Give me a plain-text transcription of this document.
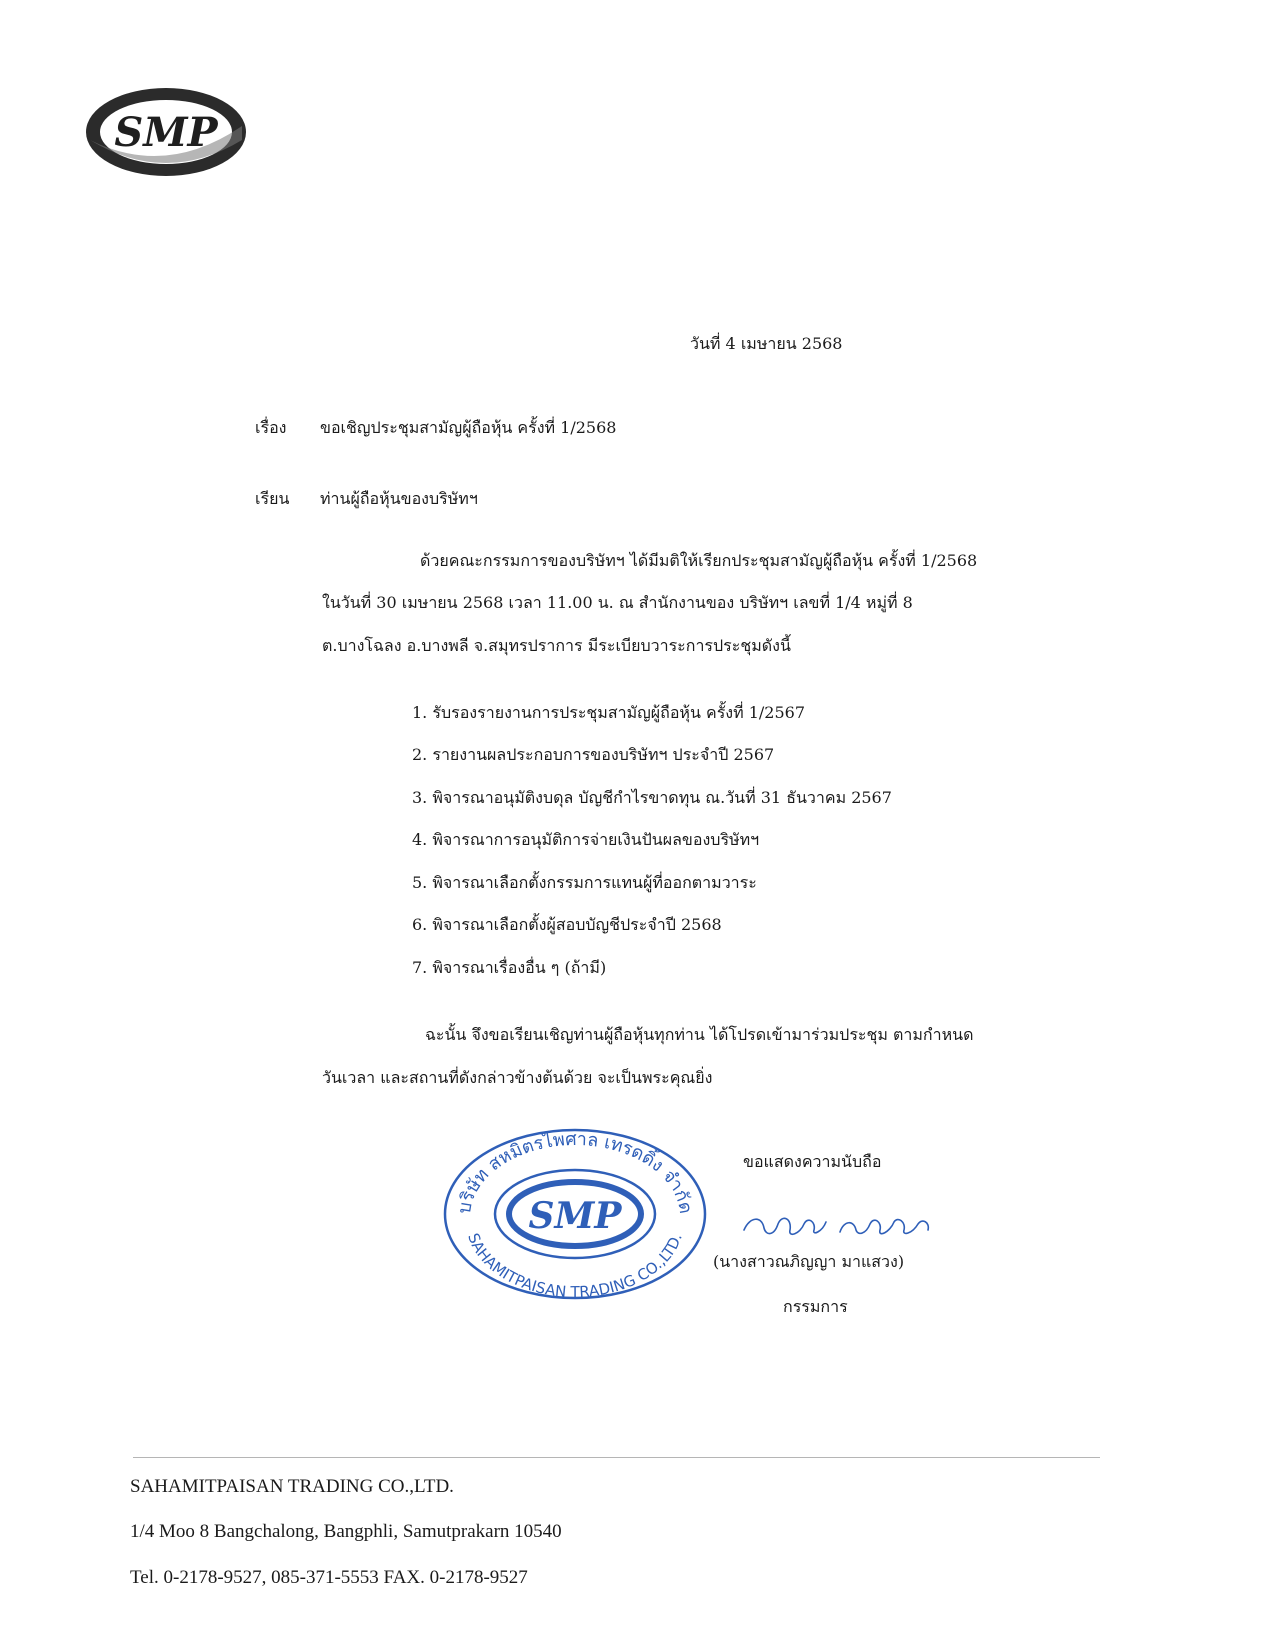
SMP
วันที่ 4 เมษายน 2568
เรื่อง ขอเชิญประชุมสามัญผู้ถือหุ้น ครั้งที่ 1/2568
เรียน ท่านผู้ถือหุ้นของบริษัทฯ
ด้วยคณะกรรมการของบริษัทฯ ได้มีมติให้เรียกประชุมสามัญผู้ถือหุ้น ครั้งที่ 1/2568
ในวันที่ 30 เมษายน 2568 เวลา 11.00 น. ณ สำนักงานของ บริษัทฯ เลขที่ 1/4 หมู่ที่ 8
ต.บางโฉลง อ.บางพลี จ.สมุทรปราการ มีระเบียบวาระการประชุมดังนี้
1. รับรองรายงานการประชุมสามัญผู้ถือหุ้น ครั้งที่ 1/2567
2. รายงานผลประกอบการของบริษัทฯ ประจำปี 2567
3. พิจารณาอนุมัติงบดุล บัญชีกำไรขาดทุน ณ.วันที่ 31 ธันวาคม 2567
4. พิจารณาการอนุมัติการจ่ายเงินปันผลของบริษัทฯ
5. พิจารณาเลือกตั้งกรรมการแทนผู้ที่ออกตามวาระ
6. พิจารณาเลือกตั้งผู้สอบบัญชีประจำปี 2568
7. พิจารณาเรื่องอื่น ๆ (ถ้ามี)
ฉะนั้น จึงขอเรียนเชิญท่านผู้ถือหุ้นทุกท่าน ได้โปรดเข้ามาร่วมประชุม ตามกำหนด
วันเวลา และสถานที่ดังกล่าวข้างต้นด้วย จะเป็นพระคุณยิ่ง
บริษัท สหมิตรไพศาล เทรดดิ้ง จำกัด
SAHAMITPAISAN TRADING CO.,LTD.
SMP
ขอแสดงความนับถือ
(นางสาวณภิญญา มาแสวง)
กรรมการ
SAHAMITPAISAN TRADING CO.,LTD.
1/4 Moo 8 Bangchalong, Bangphli, Samutprakarn 10540
Tel. 0-2178-9527, 085-371-5553 FAX. 0-2178-9527
